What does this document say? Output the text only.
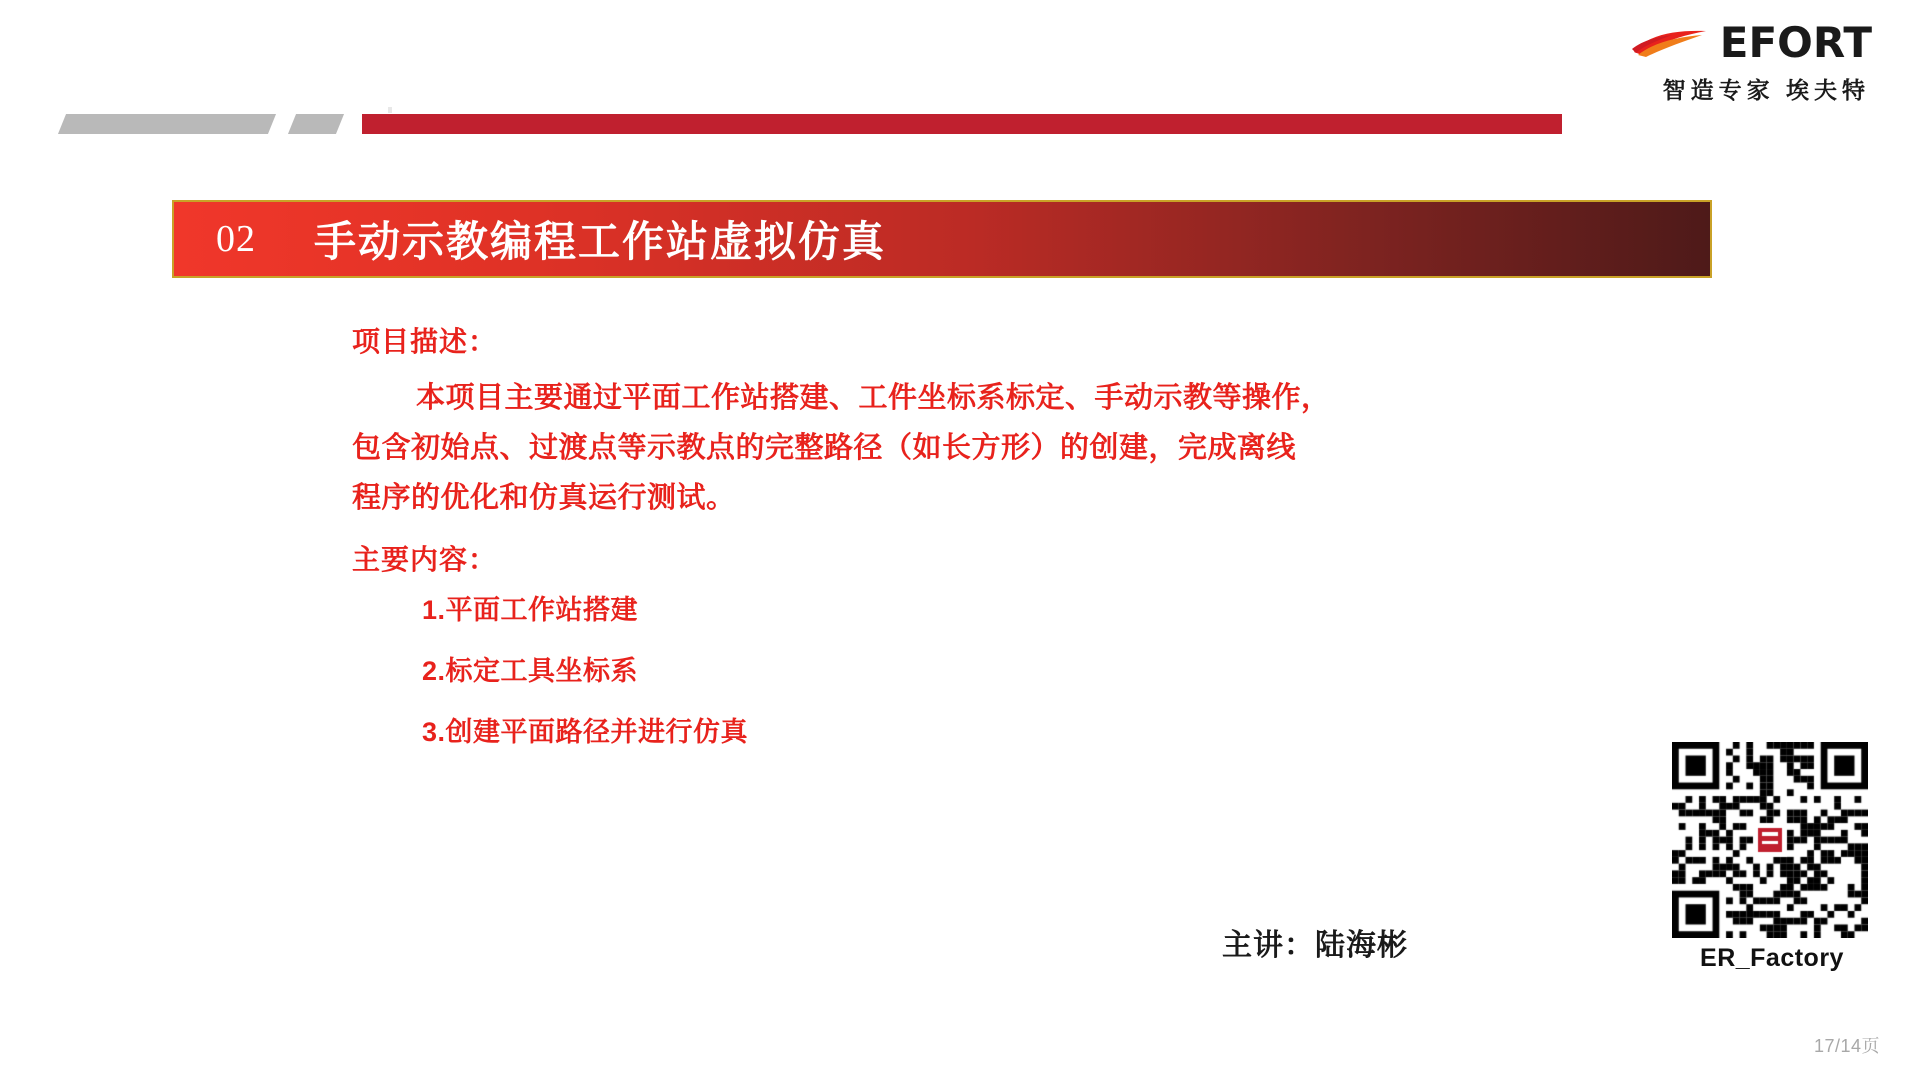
EFORT
智造专家 埃夫特
02 手动示教编程工作站虚拟仿真
项目描述：

本项目主要通过平面工作站搭建、工件坐标系标定、手动示教等操作，
包含初始点、过渡点等示教点的完整路径（如长方形）的创建，完成离线
程序的优化和仿真运行测试。

主要内容：
1.平面工作站搭建
2.标定工具坐标系
3.创建平面路径并进行仿真
主讲：陆海彬	ER_Factory
17/14页
